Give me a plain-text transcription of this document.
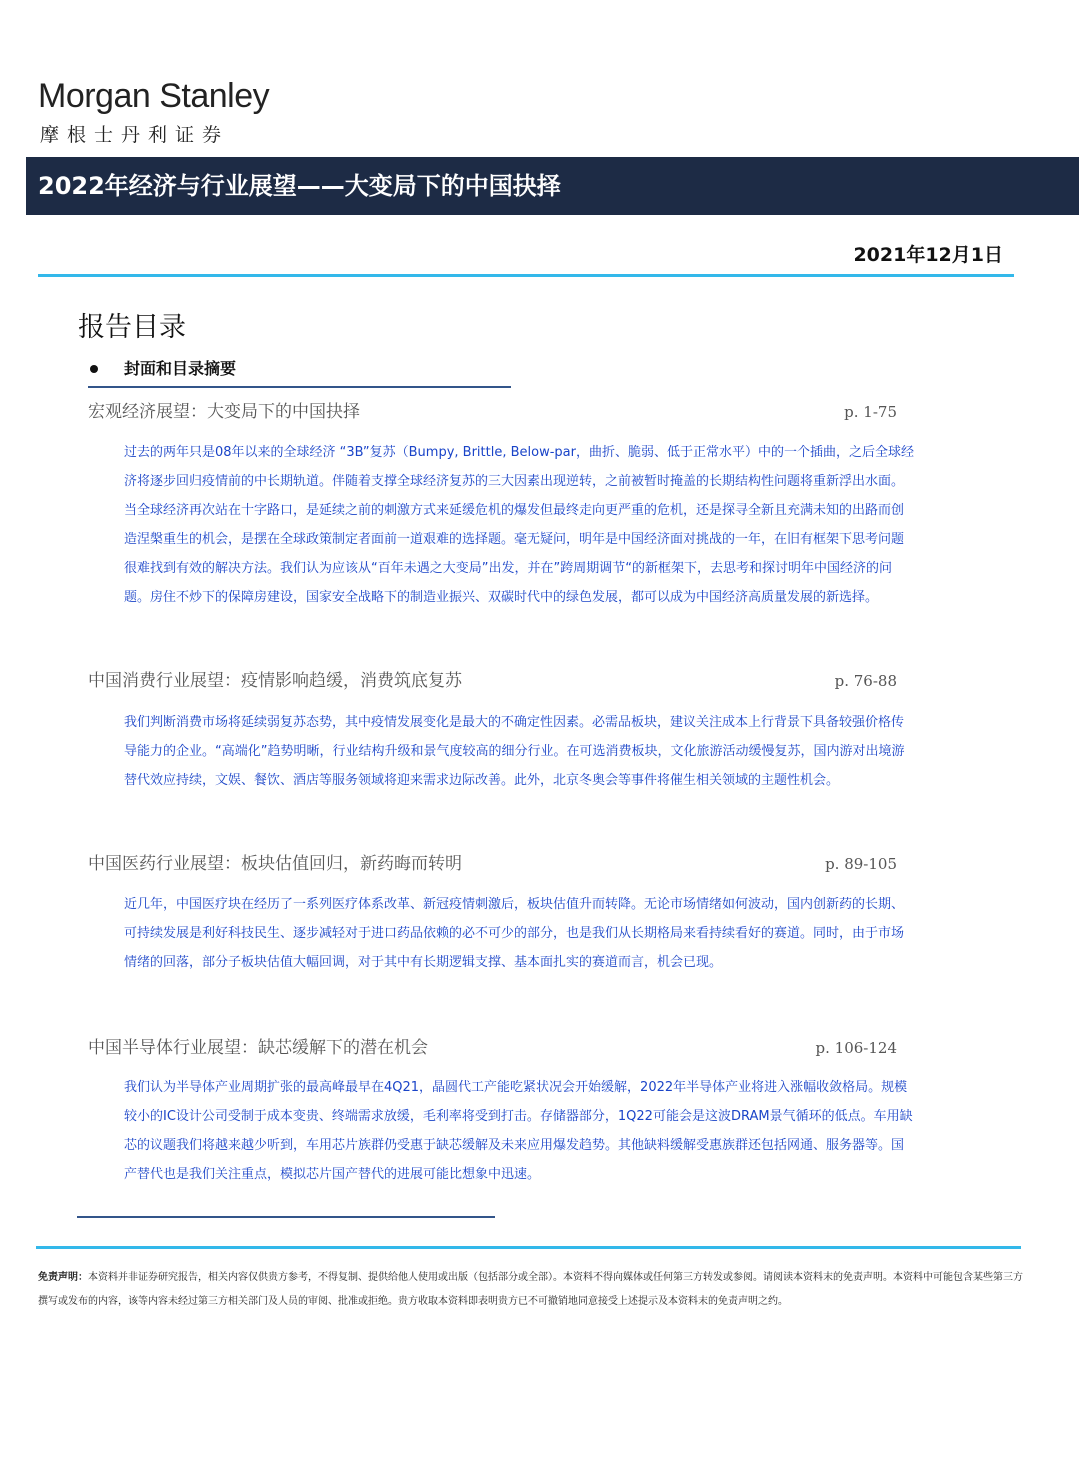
Morgan Stanley
摩根士丹利证券
2022年经济与行业展望——大变局下的中国抉择
2021年12月1日
报告目录
封面和目录摘要
宏观经济展望：大变局下的中国抉择	p. 1-75

过去的两年只是08年以来的全球经济 “3B”复苏（Bumpy, Brittle, Below-par，曲折、脆弱、低于正常水平）中的一个插曲，之后全球经济将逐步回归疫情前的中长期轨道。伴随着支撑全球经济复苏的三大因素出现逆转，之前被暂时掩盖的长期结构性问题将重新浮出水面。当全球经济再次站在十字路口，是延续之前的刺激方式来延缓危机的爆发但最终走向更严重的危机，还是探寻全新且充满未知的出路而创造涅槃重生的机会，是摆在全球政策制定者面前一道艰难的选择题。毫无疑问，明年是中国经济面对挑战的一年，在旧有框架下思考问题很难找到有效的解决方法。我们认为应该从“百年未遇之大变局”出发，并在”跨周期调节“的新框架下，去思考和探讨明年中国经济的问题。房住不炒下的保障房建设，国家安全战略下的制造业振兴、双碳时代中的绿色发展，都可以成为中国经济高质量发展的新选择。

中国消费行业展望：疫情影响趋缓，消费筑底复苏	p. 76-88

我们判断消费市场将延续弱复苏态势，其中疫情发展变化是最大的不确定性因素。必需品板块，建议关注成本上行背景下具备较强价格传导能力的企业。“高端化”趋势明晰，行业结构升级和景气度较高的细分行业。在可选消费板块，文化旅游活动缓慢复苏，国内游对出境游替代效应持续，文娱、餐饮、酒店等服务领域将迎来需求边际改善。此外，北京冬奥会等事件将催生相关领域的主题性机会。

中国医药行业展望：板块估值回归，新药晦而转明	p. 89-105

近几年，中国医疗块在经历了一系列医疗体系改革、新冠疫情刺激后，板块估值升而转降。无论市场情绪如何波动，国内创新药的长期、可持续发展是利好科技民生、逐步减轻对于进口药品依赖的必不可少的部分，也是我们从长期格局来看持续看好的赛道。同时，由于市场情绪的回落，部分子板块估值大幅回调，对于其中有长期逻辑支撑、基本面扎实的赛道而言，机会已现。

中国半导体行业展望：缺芯缓解下的潜在机会	p. 106-124

我们认为半导体产业周期扩张的最高峰最早在4Q21，晶圆代工产能吃紧状况会开始缓解，2022年半导体产业将进入涨幅收敛格局。规模较小的IC设计公司受制于成本变贵、终端需求放缓，毛利率将受到打击。存储器部分，1Q22可能会是这波DRAM景气循环的低点。车用缺芯的议题我们将越来越少听到，车用芯片族群仍受惠于缺芯缓解及未来应用爆发趋势。其他缺料缓解受惠族群还包括网通、服务器等。国产替代也是我们关注重点，模拟芯片国产替代的进展可能比想象中迅速。

免责声明：本资料并非证券研究报告，相关内容仅供贵方参考，不得复制、提供给他人使用或出版（包括部分或全部）。本资料不得向媒体或任何第三方转发或参阅。请阅读本资料末的免责声明。本资料中可能包含某些第三方撰写或发布的内容，该等内容未经过第三方相关部门及人员的审阅、批准或拒绝。贵方收取本资料即表明贵方已不可撤销地同意接受上述提示及本资料末的免责声明之约。
